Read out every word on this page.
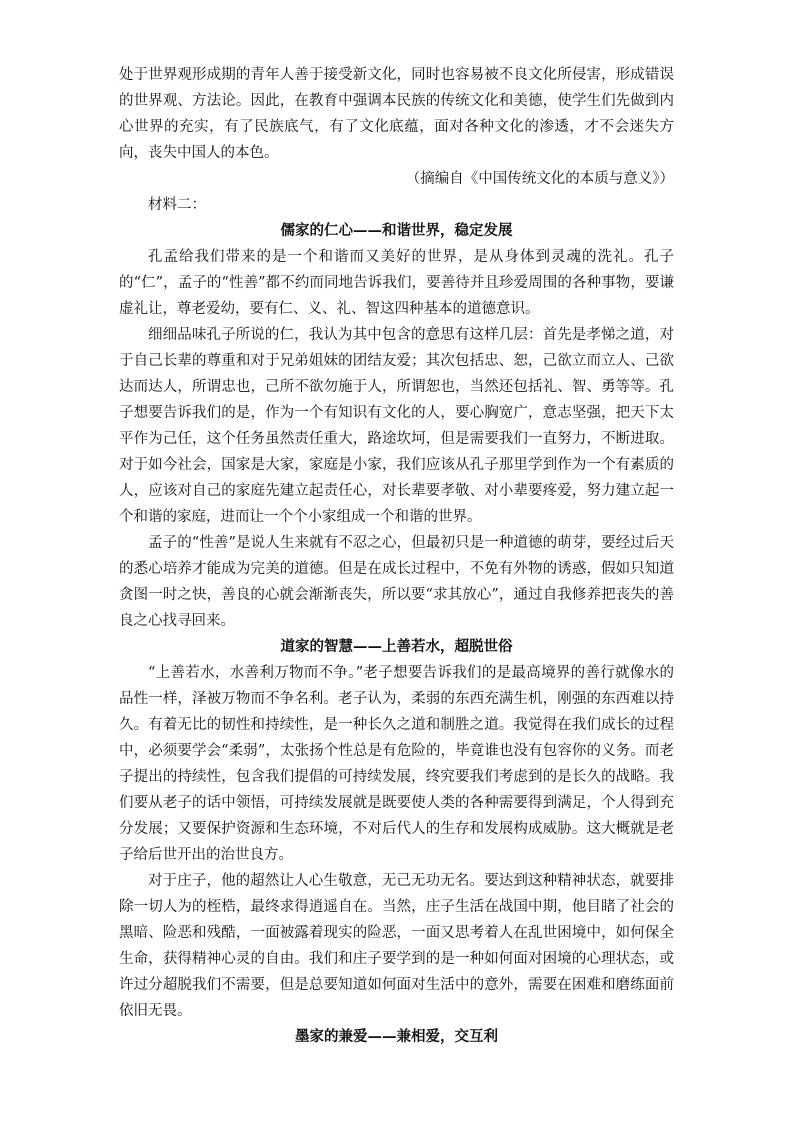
处于世界观形成期的青年人善于接受新文化，同时也容易被不良文化所侵害，形成错误的世界观、方法论。因此，在教育中强调本民族的传统文化和美德，使学生们先做到内心世界的充实，有了民族底气，有了文化底蕴，面对各种文化的渗透，才不会迷失方向，丧失中国人的本色。

（摘编自《中国传统文化的本质与意义》）

材料二：

儒家的仁心——和谐世界，稳定发展

孔孟给我们带来的是一个和谐而又美好的世界，是从身体到灵魂的洗礼。孔子的“仁”，孟子的“性善”都不约而同地告诉我们，要善待并且珍爱周围的各种事物，要谦虚礼让，尊老爱幼，要有仁、义、礼、智这四种基本的道德意识。

细细品味孔子所说的仁，我认为其中包含的意思有这样几层：首先是孝悌之道，对于自己长辈的尊重和对于兄弟姐妹的团结友爱；其次包括忠、恕，己欲立而立人、己欲达而达人，所谓忠也，己所不欲勿施于人，所谓恕也，当然还包括礼、智、勇等等。孔子想要告诉我们的是，作为一个有知识有文化的人，要心胸宽广，意志坚强，把天下太平作为己任，这个任务虽然责任重大，路途坎坷，但是需要我们一直努力，不断进取。对于如今社会，国家是大家，家庭是小家，我们应该从孔子那里学到作为一个有素质的人，应该对自己的家庭先建立起责任心，对长辈要孝敬、对小辈要疼爱，努力建立起一个和谐的家庭，进而让一个个小家组成一个和谐的世界。

孟子的“性善”是说人生来就有不忍之心，但最初只是一种道德的萌芽，要经过后天的悉心培养才能成为完美的道德。但是在成长过程中，不免有外物的诱惑，假如只知道贪图一时之快，善良的心就会渐渐丧失，所以要“求其放心”，通过自我修养把丧失的善良之心找寻回来。

道家的智慧——上善若水，超脱世俗

“上善若水，水善利万物而不争。”老子想要告诉我们的是最高境界的善行就像水的品性一样，泽被万物而不争名利。老子认为，柔弱的东西充满生机，刚强的东西难以持久。有着无比的韧性和持续性，是一种长久之道和制胜之道。我觉得在我们成长的过程中，必须要学会“柔弱”，太张扬个性总是有危险的，毕竟谁也没有包容你的义务。而老子提出的持续性，包含我们提倡的可持续发展，终究要我们考虑到的是长久的战略。我们要从老子的话中领悟，可持续发展就是既要使人类的各种需要得到满足，个人得到充分发展；又要保护资源和生态环境，不对后代人的生存和发展构成威胁。这大概就是老子给后世开出的治世良方。

对于庄子，他的超然让人心生敬意，无己无功无名。要达到这种精神状态，就要排除一切人为的桎梏，最终求得逍遥自在。当然，庄子生活在战国中期，他目睹了社会的黑暗、险恶和残酷，一面被露着现实的险恶，一面又思考着人在乱世困境中，如何保全生命，获得精神心灵的自由。我们和庄子要学到的是一种如何面对困境的心理状态，或许过分超脱我们不需要，但是总要知道如何面对生活中的意外，需要在困难和磨练面前依旧无畏。

墨家的兼爱——兼相爱，交互利
